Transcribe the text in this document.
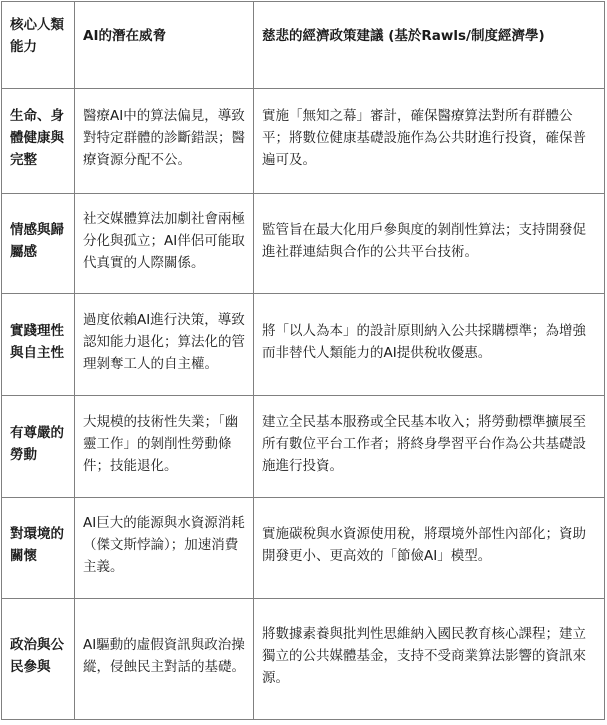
核心人類能力	AI的潛在威脅	慈悲的經濟政策建議 (基於Rawls/制度經濟學)

生命、身體健康與完整	醫療AI中的算法偏見，導致對特定群體的診斷錯誤；醫療資源分配不公。	實施「無知之幕」審計，確保醫療算法對所有群體公平；將數位健康基礎設施作為公共財進行投資，確保普遍可及。

情感與歸屬感	社交媒體算法加劇社會兩極分化與孤立；AI伴侶可能取代真實的人際關係。	監管旨在最大化用戶參與度的剝削性算法；支持開發促進社群連結與合作的公共平台技術。

實踐理性與自主性	過度依賴AI進行決策，導致認知能力退化；算法化的管理剝奪工人的自主權。	將「以人為本」的設計原則納入公共採購標準；為增強而非替代人類能力的AI提供稅收優惠。

有尊嚴的勞動	大規模的技術性失業；「幽靈工作」的剝削性勞動條件；技能退化。	建立全民基本服務或全民基本收入；將勞動標準擴展至所有數位平台工作者；將終身學習平台作為公共基礎設施進行投資。

對環境的關懷	AI巨大的能源與水資源消耗（傑文斯悖論）；加速消費主義。	實施碳稅與水資源使用稅，將環境外部性內部化；資助開發更小、更高效的「節儉AI」模型。

政治與公民參與	AI驅動的虛假資訊與政治操縱，侵蝕民主對話的基礎。	將數據素養與批判性思維納入國民教育核心課程；建立獨立的公共媒體基金，支持不受商業算法影響的資訊來源。
